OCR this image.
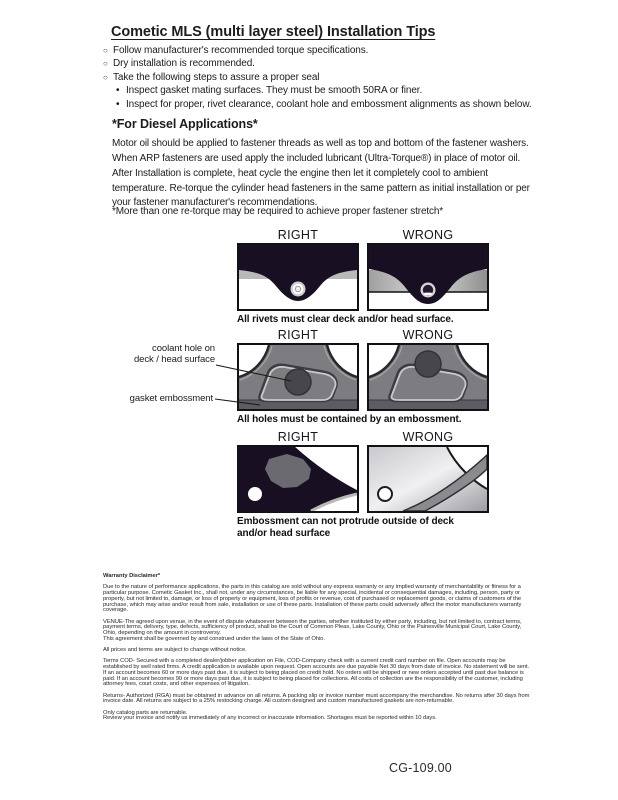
Cometic MLS (multi layer steel) Installation Tips
○ Follow manufacturer's recommended torque specifications.
○ Dry installation is recommended.
○ Take the following steps to assure a proper seal
• Inspect gasket mating surfaces. They must be smooth 50RA or finer.
• Inspect for proper, rivet clearance, coolant hole and embossment alignments as shown below.
*For Diesel Applications*
Motor oil should be applied to fastener threads as well as top and bottom of the fastener washers. When ARP fasteners are used apply the included lubricant (Ultra-Torque®) in place of motor oil.
After Installation is complete, heat cycle the engine then let it completely cool to ambient temperature. Re-torque the cylinder head fasteners in the same pattern as initial installation or per your fastener manufacturer's recommendations.
*More than one re-torque may be required to achieve proper fastener stretch*
RIGHT	WRONG
All rivets must clear deck and/or head surface.
RIGHT	WRONG
coolant hole on
deck / head surface
gasket embossment
All holes must be contained by an embossment.
RIGHT	WRONG
Embossment can not protrude outside of deck
and/or head surface

Warranty Disclaimer*

Due to the nature of performance applications, the parts in this catalog are sold without any express warranty or any implied warranty of merchantability or fitness for a particular purpose. Cometic Gasket Inc., shall not, under any circumstances, be liable for any special, incidental or consequential damages, including, person, party or property, but not limited to, damage, or loss of property or equipment, loss of profits or revenue, cost of purchased or replacement goods, or claims of customers of the purchase, which may arise and/or result from sale, installation or use of these parts. Installation of these parts could adversely affect the motor manufacturers warranty coverage.

VENUE-The agreed upon venue, in the event of dispute whatsoever between the parties, whether instituted by either party, including, but not limited to, contract terms, payment terms, delivery, type, defects, sufficiency of product, shall be the Court of Common Pleas, Lake County, Ohio or the Painesville Municipal Court, Lake County, Ohio, depending on the amount in controversy.

This agreement shall be governed by and construed under the laws of the State of Ohio.

All prices and terms are subject to change without notice.

Terms COD- Secured with a completed dealer/jobber application on File, COD-Company check with a current credit card number on file. Open accounts may be established by well rated firms. A credit application is available upon request. Open accounts are due payable Net 30 days from date of invoice. No statement will be sent. If an account becomes 60 or more days past due, it is subject to being placed on credit hold. No orders will be shipped or new orders accepted until past due balance is paid. If an account becomes 90 or more days past due, it is subject to being placed for collections. All costs of collection are the responsibility of the customer, including attorney fees, court costs, and other expenses of litigation.

Returns- Authorized (RGA) must be obtained in advance on all returns. A packing slip or invoice number must accompany the merchandise. No returns after 30 days from invoice date. All returns are subject to a 25% restocking charge. All custom designed and custom manufactured gaskets are non-returnable.

Only catalog parts are returnable.

Review your invoice and notify us immediately of any incorrect or inaccurate information. Shortages must be reported within 10 days.

CG-109.00
